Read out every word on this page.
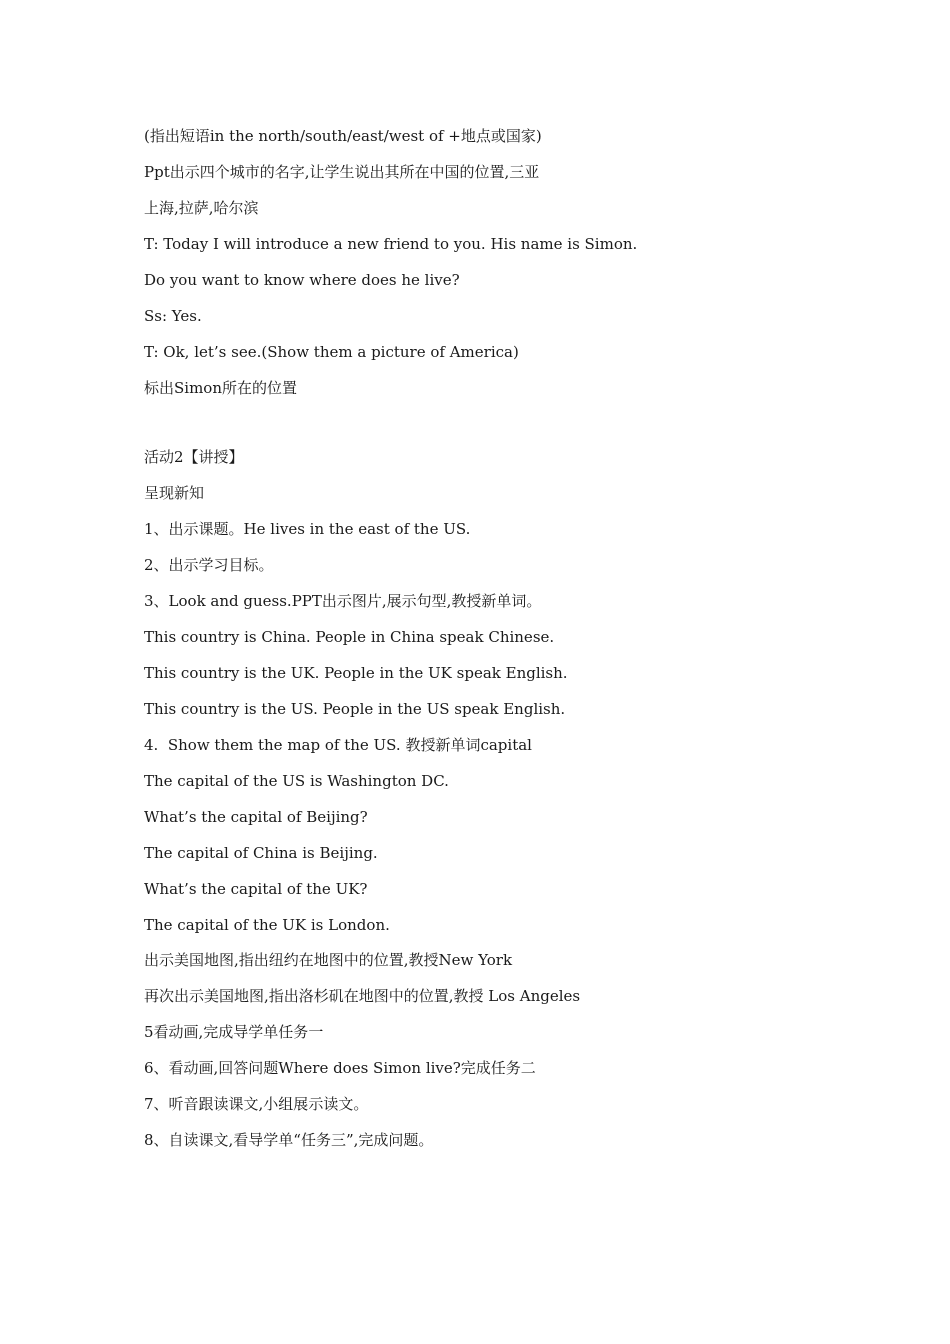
(指出短语in the north/south/east/west of +地点或国家)

Ppt出示四个城市的名字,让学生说出其所在中国的位置,三亚

上海,拉萨,哈尔滨

T: Today I will introduce a new friend to you. His name is Simon.

Do you want to know where does he live?

Ss: Yes.

T: Ok, let’s see.(Show them a picture of America)

标出Simon所在的位置

活动2【讲授】

呈现新知

1、出示课题。He lives in the east of the US.

2、出示学习目标。

3、Look and guess.PPT出示图片,展示句型,教授新单词。

This country is China. People in China speak Chinese.

This country is the UK. People in the UK speak English.

This country is the US. People in the US speak English.

4.  Show them the map of the US. 教授新单词capital

The capital of the US is Washington DC.

What’s the capital of Beijing?

The capital of China is Beijing.

What’s the capital of the UK?

The capital of the UK is London.

出示美国地图,指出纽约在地图中的位置,教授New York

再次出示美国地图,指出洛杉矶在地图中的位置,教授 Los Angeles

5看动画,完成导学单任务一

6、看动画,回答问题Where does Simon live?完成任务二

7、听音跟读课文,小组展示读文。

8、自读课文,看导学单“任务三”,完成问题。
